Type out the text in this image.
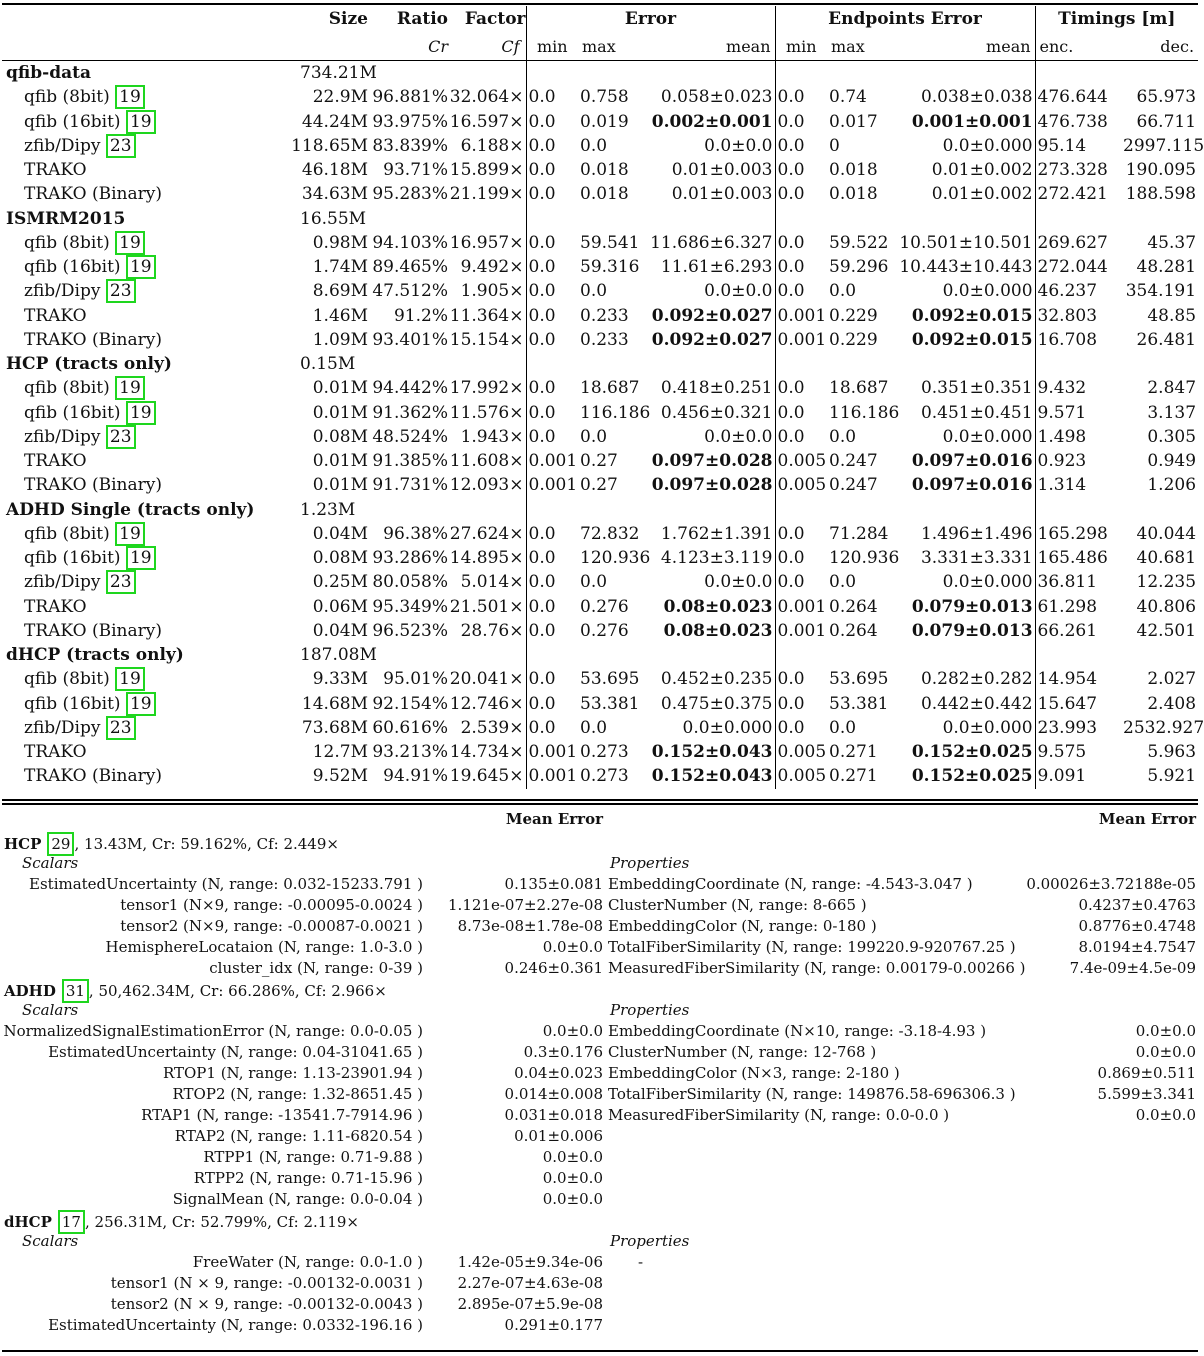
	Size	Ratio	Factor	Error			Endpoints Error			Timings [m]	
		Cr	Cf	min	max	mean	min	max	mean	enc.	dec.
qfib-data	734.21M										
qfib (8bit) 19	22.9M	96.881%	32.064×	0.0	0.758	0.058±0.023	0.0	0.74	0.038±0.038	476.644	65.973
qfib (16bit) 19	44.24M	93.975%	16.597×	0.0	0.019	0.002±0.001	0.0	0.017	0.001±0.001	476.738	66.711
zfib/Dipy 23	118.65M	83.839%	6.188×	0.0	0.0	0.0±0.0	0.0	0	0.0±0.000	95.14	2997.115
TRAKO	46.18M	93.71%	15.899×	0.0	0.018	0.01±0.003	0.0	0.018	0.01±0.002	273.328	190.095
TRAKO (Binary)	34.63M	95.283%	21.199×	0.0	0.018	0.01±0.003	0.0	0.018	0.01±0.002	272.421	188.598
ISMRM2015	16.55M										
qfib (8bit) 19	0.98M	94.103%	16.957×	0.0	59.541	11.686±6.327	0.0	59.522	10.501±10.501	269.627	45.37
qfib (16bit) 19	1.74M	89.465%	9.492×	0.0	59.316	11.61±6.293	0.0	59.296	10.443±10.443	272.044	48.281
zfib/Dipy 23	8.69M	47.512%	1.905×	0.0	0.0	0.0±0.0	0.0	0.0	0.0±0.000	46.237	354.191
TRAKO	1.46M	91.2%	11.364×	0.0	0.233	0.092±0.027	0.001	0.229	0.092±0.015	32.803	48.85
TRAKO (Binary)	1.09M	93.401%	15.154×	0.0	0.233	0.092±0.027	0.001	0.229	0.092±0.015	16.708	26.481
HCP (tracts only)	0.15M										
qfib (8bit) 19	0.01M	94.442%	17.992×	0.0	18.687	0.418±0.251	0.0	18.687	0.351±0.351	9.432	2.847
qfib (16bit) 19	0.01M	91.362%	11.576×	0.0	116.186	0.456±0.321	0.0	116.186	0.451±0.451	9.571	3.137
zfib/Dipy 23	0.08M	48.524%	1.943×	0.0	0.0	0.0±0.0	0.0	0.0	0.0±0.000	1.498	0.305
TRAKO	0.01M	91.385%	11.608×	0.001	0.27	0.097±0.028	0.005	0.247	0.097±0.016	0.923	0.949
TRAKO (Binary)	0.01M	91.731%	12.093×	0.001	0.27	0.097±0.028	0.005	0.247	0.097±0.016	1.314	1.206
ADHD Single (tracts only)	1.23M										
qfib (8bit) 19	0.04M	96.38%	27.624×	0.0	72.832	1.762±1.391	0.0	71.284	1.496±1.496	165.298	40.044
qfib (16bit) 19	0.08M	93.286%	14.895×	0.0	120.936	4.123±3.119	0.0	120.936	3.331±3.331	165.486	40.681
zfib/Dipy 23	0.25M	80.058%	5.014×	0.0	0.0	0.0±0.0	0.0	0.0	0.0±0.000	36.811	12.235
TRAKO	0.06M	95.349%	21.501×	0.0	0.276	0.08±0.023	0.001	0.264	0.079±0.013	61.298	40.806
TRAKO (Binary)	0.04M	96.523%	28.76×	0.0	0.276	0.08±0.023	0.001	0.264	0.079±0.013	66.261	42.501
dHCP (tracts only)	187.08M										
qfib (8bit) 19	9.33M	95.01%	20.041×	0.0	53.695	0.452±0.235	0.0	53.695	0.282±0.282	14.954	2.027
qfib (16bit) 19	14.68M	92.154%	12.746×	0.0	53.381	0.475±0.375	0.0	53.381	0.442±0.442	15.647	2.408
zfib/Dipy 23	73.68M	60.616%	2.539×	0.0	0.0	0.0±0.000	0.0	0.0	0.0±0.000	23.993	2532.927
TRAKO	12.7M	93.213%	14.734×	0.001	0.273	0.152±0.043	0.005	0.271	0.152±0.025	9.575	5.963
TRAKO (Binary)	9.52M	94.91%	19.645×	0.001	0.273	0.152±0.043	0.005	0.271	0.152±0.025	9.091	5.921
Mean Error	Mean Error
HCP 29 , 13.43M, Cr: 59.162%, Cf: 2.449×
Scalars	Properties
EstimatedUncertainty (N, range: 0.032-15233.791 )	0.135±0.081 EmbeddingCoordinate (N, range: -4.543-3.047 )	0.00026±3.72188e-05
tensor1 (N×9, range: -0.00095-0.0024 ) 1.121e-07±2.27e-08 ClusterNumber (N, range: 8-665 )	0.4237±0.4763
tensor2 (N×9, range: -0.00087-0.0021 ) 8.73e-08±1.78e-08 EmbeddingColor (N, range: 0-180 )	0.8776±0.4748
HemisphereLocataion (N, range: 1.0-3.0 )	0.0±0.0 TotalFiberSimilarity (N, range: 199220.9-920767.25 )	8.0194±4.7547
cluster_idx (N, range: 0-39 )	0.246±0.361 MeasuredFiberSimilarity (N, range: 0.00179-0.00266 )	7.4e-09±4.5e-09
ADHD 31 , 50,462.34M, Cr: 66.286%, Cf: 2.966×
Scalars	Properties
NormalizedSignalEstimationError (N, range: 0.0-0.05 )	0.0±0.0 EmbeddingCoordinate (N×10, range: -3.18-4.93 )	0.0±0.0
EstimatedUncertainty (N, range: 0.04-31041.65 )	0.3±0.176 ClusterNumber (N, range: 12-768 )	0.0±0.0
RTOP1 (N, range: 1.13-23901.94 )	0.04±0.023 EmbeddingColor (N×3, range: 2-180 )	0.869±0.511
RTOP2 (N, range: 1.32-8651.45 )	0.014±0.008 TotalFiberSimilarity (N, range: 149876.58-696306.3 )	5.599±3.341
RTAP1 (N, range: -13541.7-7914.96 )	0.031±0.018 MeasuredFiberSimilarity (N, range: 0.0-0.0 )	0.0±0.0
RTAP2 (N, range: 1.11-6820.54 )	0.01±0.006
RTPP1 (N, range: 0.71-9.88 )	0.0±0.0
RTPP2 (N, range: 0.71-15.96 )	0.0±0.0
SignalMean (N, range: 0.0-0.04 )	0.0±0.0
dHCP 17 , 256.31M, Cr: 52.799%, Cf: 2.119×
Scalars	Properties
FreeWater (N, range: 0.0-1.0 ) 1.42e-05±9.34e-06 -
tensor1 (N × 9, range: -0.00132-0.0031 ) 2.27e-07±4.63e-08
tensor2 (N × 9, range: -0.00132-0.0043 ) 2.895e-07±5.9e-08
EstimatedUncertainty (N, range: 0.0332-196.16 )	0.291±0.177
